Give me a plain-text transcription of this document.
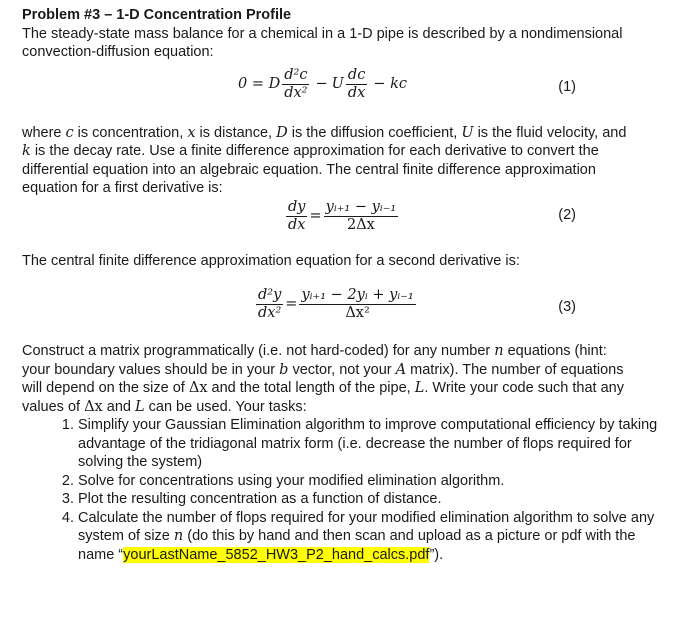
Problem #3 – 1-D Concentration Profile

The steady-state mass balance for a chemical in a 1-D pipe is described by a nondimensional
convection-diffusion equation:

0 = D $\frac{\text{d²c}}{\text{dx²}} - U \frac{dc}{dx}$ − kc	(1)

where c is concentration, x is distance, D is the diffusion coefficient, U is the fluid velocity, and
k is the decay rate. Use a finite difference approximation for each derivative to convert the
differential equation into an algebraic equation. The central finite difference approximation
equation for a first derivative is:

$\frac{dy}{dx} = \frac{\text{yᵢ₊₁ − yᵢ₋₁}}{2\Delta x}$	(2)

The central finite difference approximation equation for a second derivative is:

$\frac{\text{d²y}}{\text{dx²}} = \frac{\text{yᵢ₊₁ − 2yᵢ + yᵢ₋₁}}{\text{Δx²}}$	(3)

Construct a matrix programmatically (i.e. not hard-coded) for any number n equations (hint:
your boundary values should be in your b vector, not your A matrix). The number of equations
will depend on the size of Δx and the total length of the pipe, L. Write your code such that any
values of Δx and L can be used. Your tasks:

1. Simplify your Gaussian Elimination algorithm to improve computational efficiency by taking advantage of the tridiagonal matrix form (i.e. decrease the number of flops required for solving the system)
2. Solve for concentrations using your modified elimination algorithm.
3. Plot the resulting concentration as a function of distance.
4. Calculate the number of flops required for your modified elimination algorithm to solve any system of size n (do this by hand and then scan and upload as a picture or pdf with the name “yourLastName_5852_HW3_P2_hand_calcs.pdf”).
